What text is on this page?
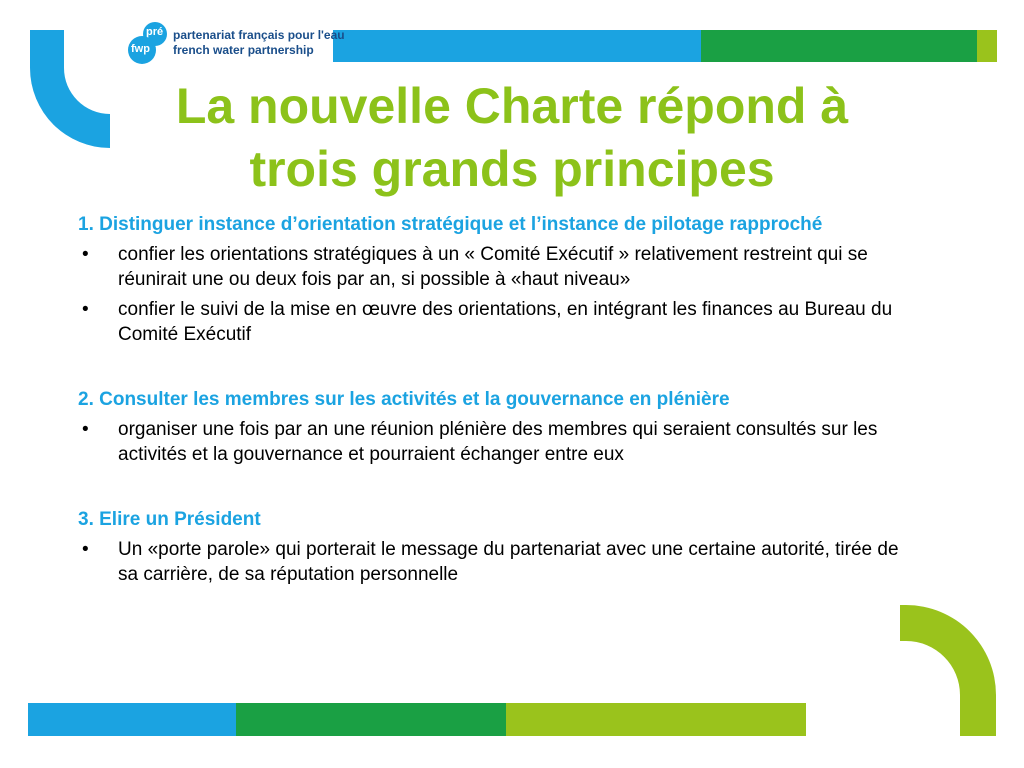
pré
fwp
partenariat français pour l'eau
french water partnership
La nouvelle Charte répond à
trois grands principes
1. Distinguer instance d’orientation stratégique et l’instance de pilotage rapproché
• confier les orientations stratégiques à un « Comité Exécutif » relativement restreint qui se réunirait une ou deux fois par an, si possible à «haut niveau»
• confier le suivi de la mise en œuvre des orientations, en intégrant les finances au Bureau du Comité Exécutif
2. Consulter les membres sur les activités et la gouvernance en plénière
• organiser une fois par an une réunion plénière des membres qui seraient consultés sur les activités et la gouvernance et pourraient échanger entre eux
3. Elire un Président
• Un «porte parole» qui porterait le message du partenariat avec une certaine autorité, tirée de sa carrière, de sa réputation personnelle
